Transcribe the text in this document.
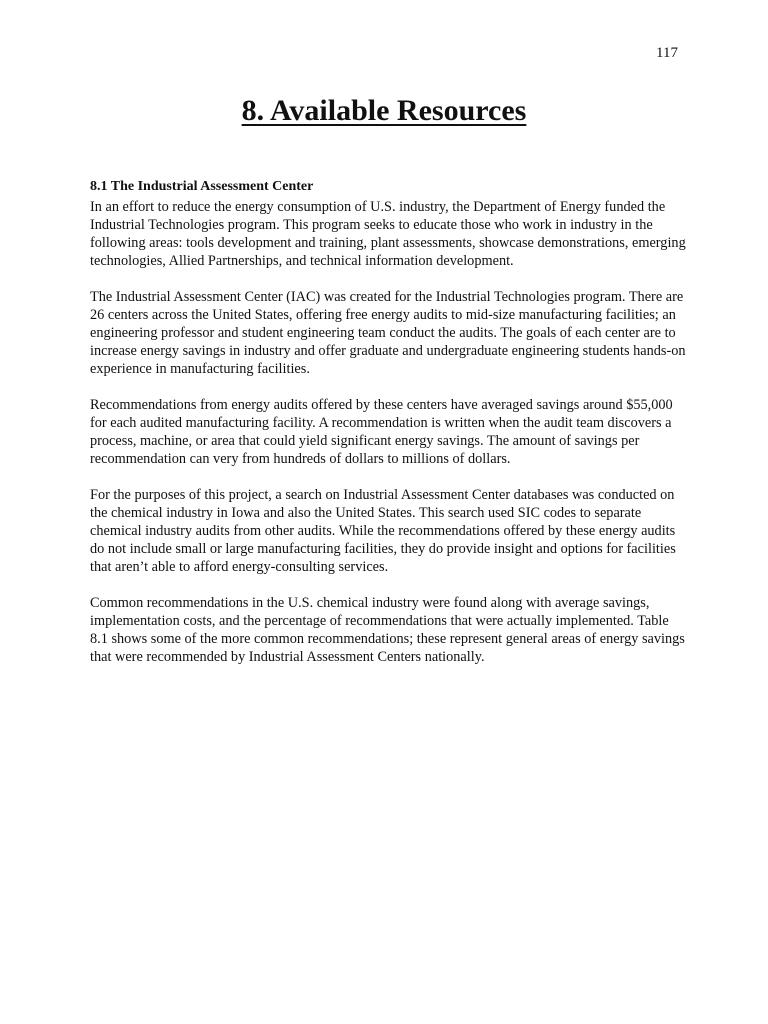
117
8. Available Resources
8.1 The Industrial Assessment Center

In an effort to reduce the energy consumption of U.S. industry, the Department of Energy funded the Industrial Technologies program. This program seeks to educate those who work in industry in the following areas: tools development and training, plant assessments, showcase demonstrations, emerging technologies, Allied Partnerships, and technical information development.

The Industrial Assessment Center (IAC) was created for the Industrial Technologies program. There are 26 centers across the United States, offering free energy audits to mid-size manufacturing facilities; an engineering professor and student engineering team conduct the audits. The goals of each center are to increase energy savings in industry and offer graduate and undergraduate engineering students hands-on experience in manufacturing facilities.

Recommendations from energy audits offered by these centers have averaged savings around $55,000 for each audited manufacturing facility. A recommendation is written when the audit team discovers a process, machine, or area that could yield significant energy savings. The amount of savings per recommendation can very from hundreds of dollars to millions of dollars.

For the purposes of this project, a search on Industrial Assessment Center databases was conducted on the chemical industry in Iowa and also the United States. This search used SIC codes to separate chemical industry audits from other audits. While the recommendations offered by these energy audits do not include small or large manufacturing facilities, they do provide insight and options for facilities that aren’t able to afford energy-consulting services.

Common recommendations in the U.S. chemical industry were found along with average savings, implementation costs, and the percentage of recommendations that were actually implemented. Table 8.1 shows some of the more common recommendations; these represent general areas of energy savings that were recommended by Industrial Assessment Centers nationally.
